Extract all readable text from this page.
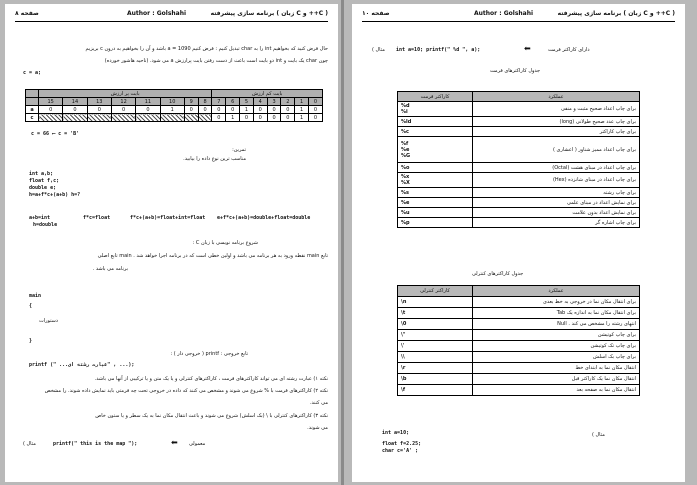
صفحه ۸	Author : Golshahi	برنامه سازی پیشرفته ( زبان C و ++C )
حال فرض کنید که بخواهیم int را به char تبدیل کنیم : فرض کنیم 1090 = a باشد و آن را بخواهیم به درون c بریزیم
چون char یک بایت و int دو بایت است باعث از دست رفتن بایت پرارزش a می شود. (ناحیه هاشور خورده)
c = a;
	بایت پر ارزش								بایت کم ارزش							
	15	14	13	12	11	10	9	8	7	6	5	4	3	2	1	0
a	0	0	0	0	0	1	0	0	0	0	1	0	0	0	1	0
c									0	1	0	0	0	0	1	0
c = 66 ⟵ c = 'B'
تمرین:
مناسب ترین نوع داده را بیابید.
int a,b;
float f,c;
double e;
h=a+f*c+(a+b) h=?
a+b=int	f*c=float	f*c+(a+b)=float+int=float e+f*c+(a+b)=double+float=double
h=double
شروع برنامه نویسی با زبان C :
تابع main نقطه ورود به هر برنامه می باشد و اولین خطی است که در برنامه اجرا خواهد شد . main تابع اصلی
برنامه می باشد .
main
{
دستورات
}
تابع خروجی : printf ( خروجی دار ) :
printf (" ...عبارت رشته ای" , ...);
نکته ۱) عبارت رشته ای می تواند کاراکترهای فرمت ، کاراکترهای کنترلی و یا یک متن و یا ترکیبی از آنها می باشد.
نکته ۲) کاراکترهای فرمت با % شروع می شوند و مشخص می کنند که داده در خروجی تحت چه فرمتی باید نمایش داده شوند. را مشخص
می کنند.
نکته ۳) کاراکترهای کنترلی با \ (بک اسلش) شروع می شوند و باعث انتقال مکان نما به یک سطر و یا ستون خاص
می شوند.
معمولی
⬅
printf(" this is the map ");
مثال )
صفحه ۱۰	Author : Golshahi	برنامه سازی پیشرفته ( زبان C و ++C )
مثال ) int a=10; printf(" %d ", a);	⬅	دارای کاراکتر فرمت
جدول کاراکترهای فرمت
کاراکتر فرمت	عملکرد

%d
%i	برای چاپ اعداد صحیح مثبت و منفی

%ld	برای چاپ عدد صحیح طولانی (long)

%c	برای چاپ کاراکتر

%f
%e
%G	برای چاپ اعداد ممیز شناور ( اعشاری )

%o	برای چاپ اعداد در مبنای هشت (Octal)

%x
%X	برای چاپ اعداد در مبنای شانزده (Hex)

%s	برای چاپ رشته

%e	برای نمایش اعداد در مبنای علمی

%u	برای نمایش اعداد بدون علامت

%p	برای چاپ اشاره گر
جدول کاراکترهای کنترلی
کاراکتر کنترلی	عملکرد
\n	برای انتقال مکان نما در خروجی به خط بعدی
\t	برای انتقال مکان نما به اندازه یک Tab
\0	انتهای رشته را مشخص می کند . Null
\"	برای چاپ کوتیشن
\'	برای چاپ تک کوتیشن
\\	برای چاپ بک اسلش
\r	انتقال مکان نما به ابتدای خط
\b	انتقال مکان نما یک کاراکتر قبل
\f	انتقال مکان نما به صفحه بعد
مثال )
int a=10;
float f=2.25;
char c='A' ;
